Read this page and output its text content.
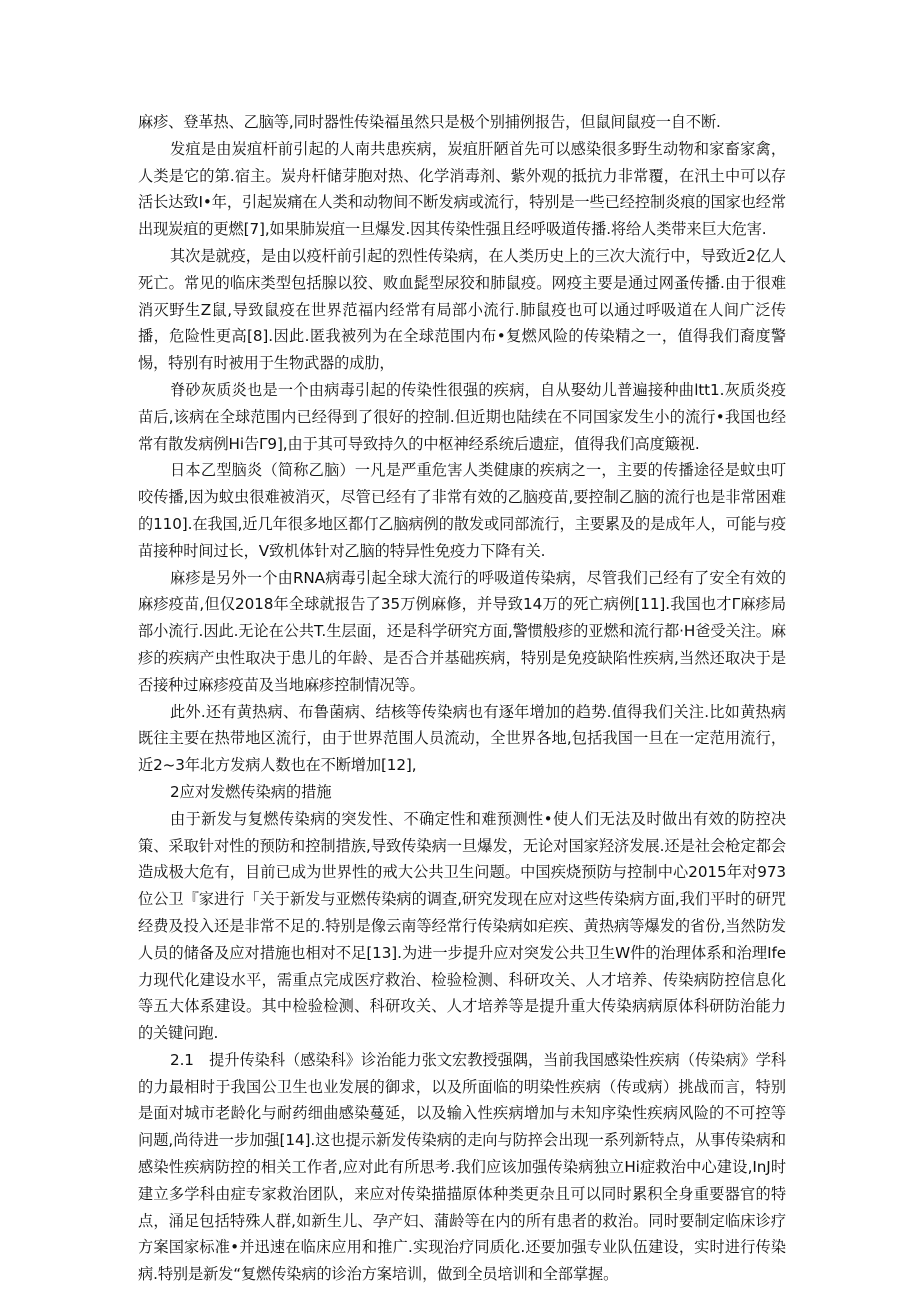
麻疹、登革热、乙脑等,同时器性传染福虽然只是极个别捕例报告，但鼠间鼠疫一自不断.

发疽是由炭疽杆前引起的人南共患疾病，炭疽肝陋首先可以感染很多野生动物和家畜家禽，人类是它的第.宿主。炭舟杆储芽胞对热、化学消毒剂、紫外观的抵抗力非常覆，在汛土中可以存活长达致I•年，引起炭痛在人类和动物间不断发病或流行，特别是一些已经控制炎痕的国家也经常出现炭疽的更燃[7],如果肺炭疽一旦爆发.因其传染性强且经呼吸道传播.将给人类带来巨大危害.

其次是就疫，是由以疫杆前引起的烈性传染病，在人类历史上的三次大流行中，导致近2亿人死亡。常见的临床类型包括腺以狡、败血髭型尿狡和肺鼠疫。网疫主要是通过网蚤传播.由于很难消灭野生Z鼠,导致鼠疫在世界范福内经常有局部小流行.肺鼠疫也可以通过呼吸道在人间广泛传播，危险性更高[8].因此.匿我被列为在全球范围内布•复燃风险的传染精之一，值得我们裔度警惕，特别有时被用于生物武器的成肋，

脊砂灰质炎也是一个由病毒引起的传染性很强的疾病，自从娶幼儿普遍接种曲ltt1.灰质炎疫苗后,该病在全球范围内已经得到了很好的控制.但近期也陆续在不同国家发生小的流行•我国也经常有散发病例Hi告Γ9],由于其可导致持久的中枢神经系统后遗症，值得我们高度簸视.

日本乙型脑炎（简称乙脑）一凡是严重危害人类健康的疾病之一，主要的传播途径是蚊虫叮咬传播,因为蚊虫很难被消灭，尽管已经有了非常有效的乙脑疫苗,要控制乙脑的流行也是非常困难的110].在我国,近几年很多地区都仃乙脑病例的散发或同部流行，主要累及的是成年人，可能与疫苗接种时间过长，V致机体针对乙脑的特异性免疫力下降有关.

麻疹是另外一个由RNA病毒引起全球大流行的呼吸道传染病，尽管我们己经有了安全有效的麻疹疫苗,但仅2018年全球就报告了35万例麻修，并导致14万的死亡病例[11].我国也才Γ麻疹局部小流行.因此.无论在公共T.生层面，还是科学研究方面,警惯般疹的亚燃和流行都·H爸受关注。麻疹的疾病产虫性取决于患儿的年龄、是否合并基础疾病，特别是免疫缺陷性疾病,当然还取决于是否接种过麻疹疫苗及当地麻疹控制情况等。

此外.还有黄热病、布鲁菌病、结核等传染病也有逐年增加的趋势.值得我们关注.比如黄热病既往主要在热带地区流行，由于世界范围人员流动，全世界各地,包括我国一旦在一定范用流行，近2~3年北方发病人数也在不断增加[12],

2应对发燃传染病的措施

由于新发与复燃传染病的突发性、不确定性和难预测性•使人们无法及时做出有效的防控决策、采取针对性的预防和控制措族,导致传染病一旦爆发，无论对国家羟济发展.还是社会枪定都会造成极大危有，目前已成为世界性的戒大公共卫生问题。中国疾烧预防与控制中心2015年对973位公卫『家进行「关于新发与亚燃传染病的调查,研究发现在应对这些传染病方面,我们平时的研咒经费及投入还是非常不足的.特别是像云南等经常行传染病如疟疾、黄热病等爆发的省份,当然防发人员的储备及应对措施也相对不足[13].为进一步提升应对突发公共卫生W件的治理体系和治理Ife力现代化建设水平，需重点完成医疗救治、检验检测、科研攻关、人才培养、传染病防控信息化等五大体系建设。其中检验检测、科研攻关、人才培养等是提升重大传染病病原体科研防治能力的关键问跑.

2.1　提升传染科（感染科》诊治能力张文宏教授强隅，当前我国感染性疾病（传染病》学科的力最相时于我国公卫生也业发展的御求，以及所面临的明染性疾病（传或病）挑战而言，特别是面对城市老龄化与耐药细曲感染蔓延，以及输入性疾病增加与未知序染性疾病风险的不可控等问题,尚待进一步加强[14].这也提示新发传染病的走向与防捽会出现一系列新特点，从事传染病和感染性疾病防控的相关工作者,应对此有所思考.我们应该加强传染病独立Hi症救治中心建设,InJ时建立多学科由症专家救治团队，来应对传染描描原体种类更杂且可以同时累积全身重要器官的特点，涌足包括特殊人群,如新生儿、孕产妇、蒲龄等在内的所有患者的救治。同时要制定临床诊疗方案国家标准•并迅速在临床应用和推广.实现治疗同质化.还要加强专业队伍建设，实时进行传染病.特别是新发“复燃传染病的诊治方案培训，做到全员培训和全部掌握。
